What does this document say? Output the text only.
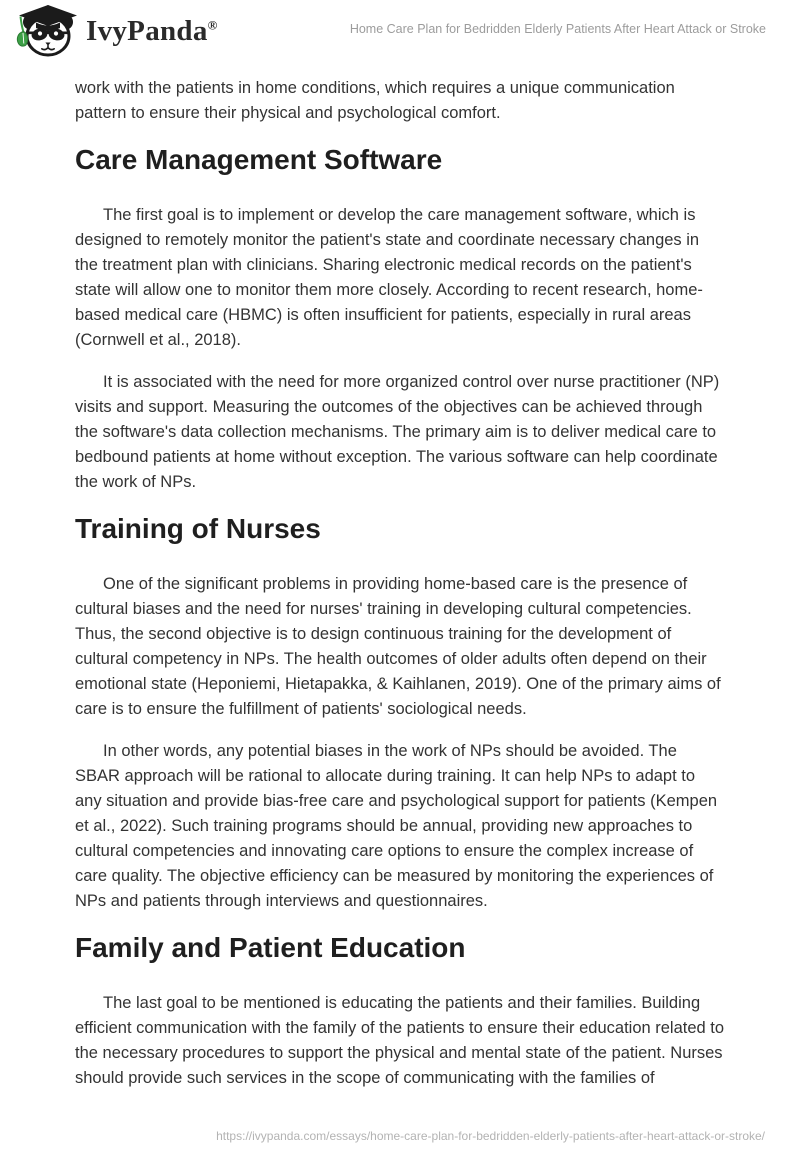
IvyPanda®	Home Care Plan for Bedridden Elderly Patients After Heart Attack or Stroke

work with the patients in home conditions, which requires a unique communication pattern to ensure their physical and psychological comfort.

Care Management Software

The first goal is to implement or develop the care management software, which is designed to remotely monitor the patient's state and coordinate necessary changes in the treatment plan with clinicians. Sharing electronic medical records on the patient's state will allow one to monitor them more closely. According to recent research, home-based medical care (HBMC) is often insufficient for patients, especially in rural areas (Cornwell et al., 2018).

It is associated with the need for more organized control over nurse practitioner (NP) visits and support. Measuring the outcomes of the objectives can be achieved through the software's data collection mechanisms. The primary aim is to deliver medical care to bedbound patients at home without exception. The various software can help coordinate the work of NPs.

Training of Nurses

One of the significant problems in providing home-based care is the presence of cultural biases and the need for nurses' training in developing cultural competencies. Thus, the second objective is to design continuous training for the development of cultural competency in NPs. The health outcomes of older adults often depend on their emotional state (Heponiemi, Hietapakka, & Kaihlanen, 2019). One of the primary aims of care is to ensure the fulfillment of patients' sociological needs.

In other words, any potential biases in the work of NPs should be avoided. The SBAR approach will be rational to allocate during training. It can help NPs to adapt to any situation and provide bias-free care and psychological support for patients (Kempen et al., 2022). Such training programs should be annual, providing new approaches to cultural competencies and innovating care options to ensure the complex increase of care quality. The objective efficiency can be measured by monitoring the experiences of NPs and patients through interviews and questionnaires.

Family and Patient Education

The last goal to be mentioned is educating the patients and their families. Building efficient communication with the family of the patients to ensure their education related to the necessary procedures to support the physical and mental state of the patient. Nurses should provide such services in the scope of communicating with the families of

https://ivypanda.com/essays/home-care-plan-for-bedridden-elderly-patients-after-heart-attack-or-stroke/
